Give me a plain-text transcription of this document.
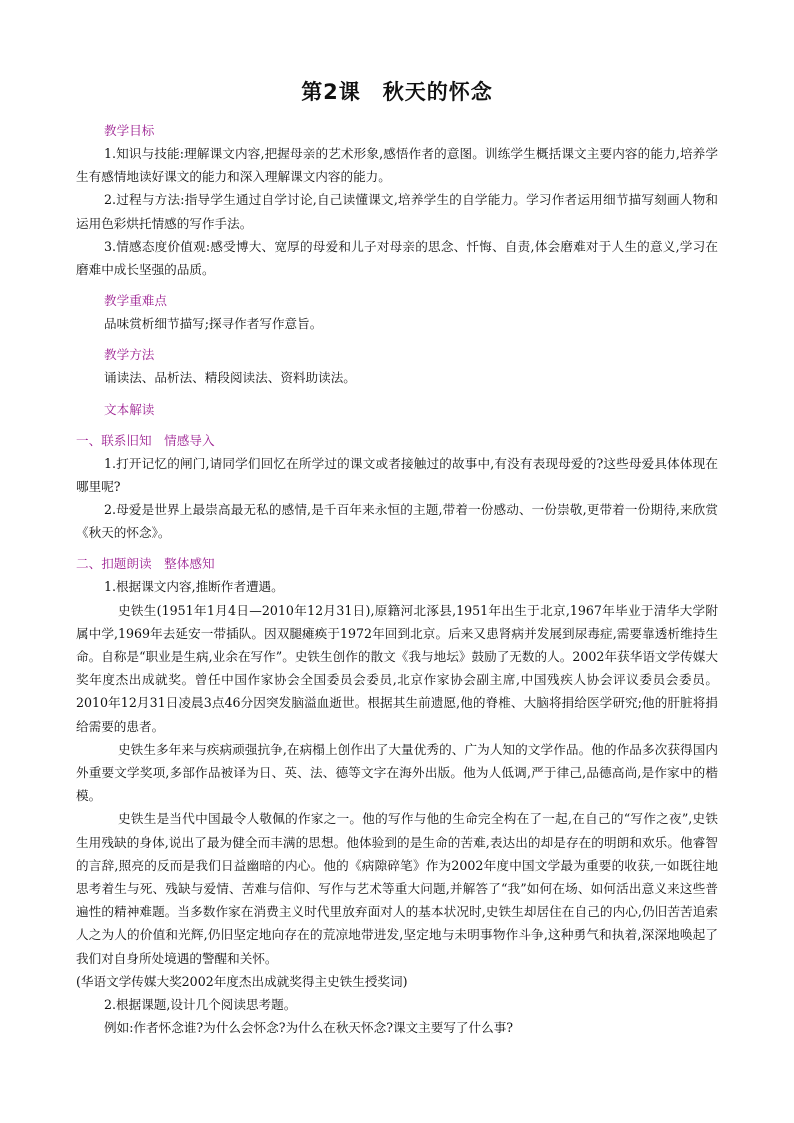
第2课　秋天的怀念
教学目标

1.知识与技能:理解课文内容,把握母亲的艺术形象,感悟作者的意图。训练学生概括课文主要内容的能力,培养学生有感情地读好课文的能力和深入理解课文内容的能力。

2.过程与方法:指导学生通过自学讨论,自己读懂课文,培养学生的自学能力。学习作者运用细节描写刻画人物和运用色彩烘托情感的写作手法。

3.情感态度价值观:感受博大、宽厚的母爱和儿子对母亲的思念、忏悔、自责,体会磨难对于人生的意义,学习在磨难中成长坚强的品质。

教学重难点

品味赏析细节描写;探寻作者写作意旨。

教学方法

诵读法、品析法、精段阅读法、资料助读法。

文本解读
一、联系旧知　情感导入

1.打开记忆的闸门,请同学们回忆在所学过的课文或者接触过的故事中,有没有表现母爱的?这些母爱具体体现在哪里呢?

2.母爱是世界上最崇高最无私的感情,是千百年来永恒的主题,带着一份感动、一份崇敬,更带着一份期待,来欣赏《秋天的怀念》。

二、扣题朗读　整体感知

1.根据课文内容,推断作者遭遇。

史铁生(1951年1月4日—2010年12月31日),原籍河北涿县,1951年出生于北京,1967年毕业于清华大学附属中学,1969年去延安一带插队。因双腿瘫痪于1972年回到北京。后来又患肾病并发展到尿毒症,需要靠透析维持生命。自称是“职业是生病,业余在写作”。史铁生创作的散文《我与地坛》鼓励了无数的人。2002年获华语文学传媒大奖年度杰出成就奖。曾任中国作家协会全国委员会委员,北京作家协会副主席,中国残疾人协会评议委员会委员。2010年12月31日凌晨3点46分因突发脑溢血逝世。根据其生前遗愿,他的脊椎、大脑将捐给医学研究;他的肝脏将捐给需要的患者。

史铁生多年来与疾病顽强抗争,在病榻上创作出了大量优秀的、广为人知的文学作品。他的作品多次获得国内外重要文学奖项,多部作品被译为日、英、法、德等文字在海外出版。他为人低调,严于律己,品德高尚,是作家中的楷模。

史铁生是当代中国最令人敬佩的作家之一。他的写作与他的生命完全构在了一起,在自己的“写作之夜”,史铁生用残缺的身体,说出了最为健全而丰满的思想。他体验到的是生命的苦难,表达出的却是存在的明朗和欢乐。他睿智的言辞,照亮的反而是我们日益幽暗的内心。他的《病隙碎笔》作为2002年度中国文学最为重要的收获,一如既往地思考着生与死、残缺与爱情、苦难与信仰、写作与艺术等重大问题,并解答了“我”如何在场、如何活出意义来这些普遍性的精神难题。当多数作家在消费主义时代里放弃面对人的基本状况时,史铁生却居住在自己的内心,仍旧苦苦追索人之为人的价值和光辉,仍旧坚定地向存在的荒凉地带进发,坚定地与未明事物作斗争,这种勇气和执着,深深地唤起了我们对自身所处境遇的警醒和关怀。

(华语文学传媒大奖2002年度杰出成就奖得主史铁生授奖词)

2.根据课题,设计几个阅读思考题。

例如:作者怀念谁?为什么会怀念?为什么在秋天怀念?课文主要写了什么事?
